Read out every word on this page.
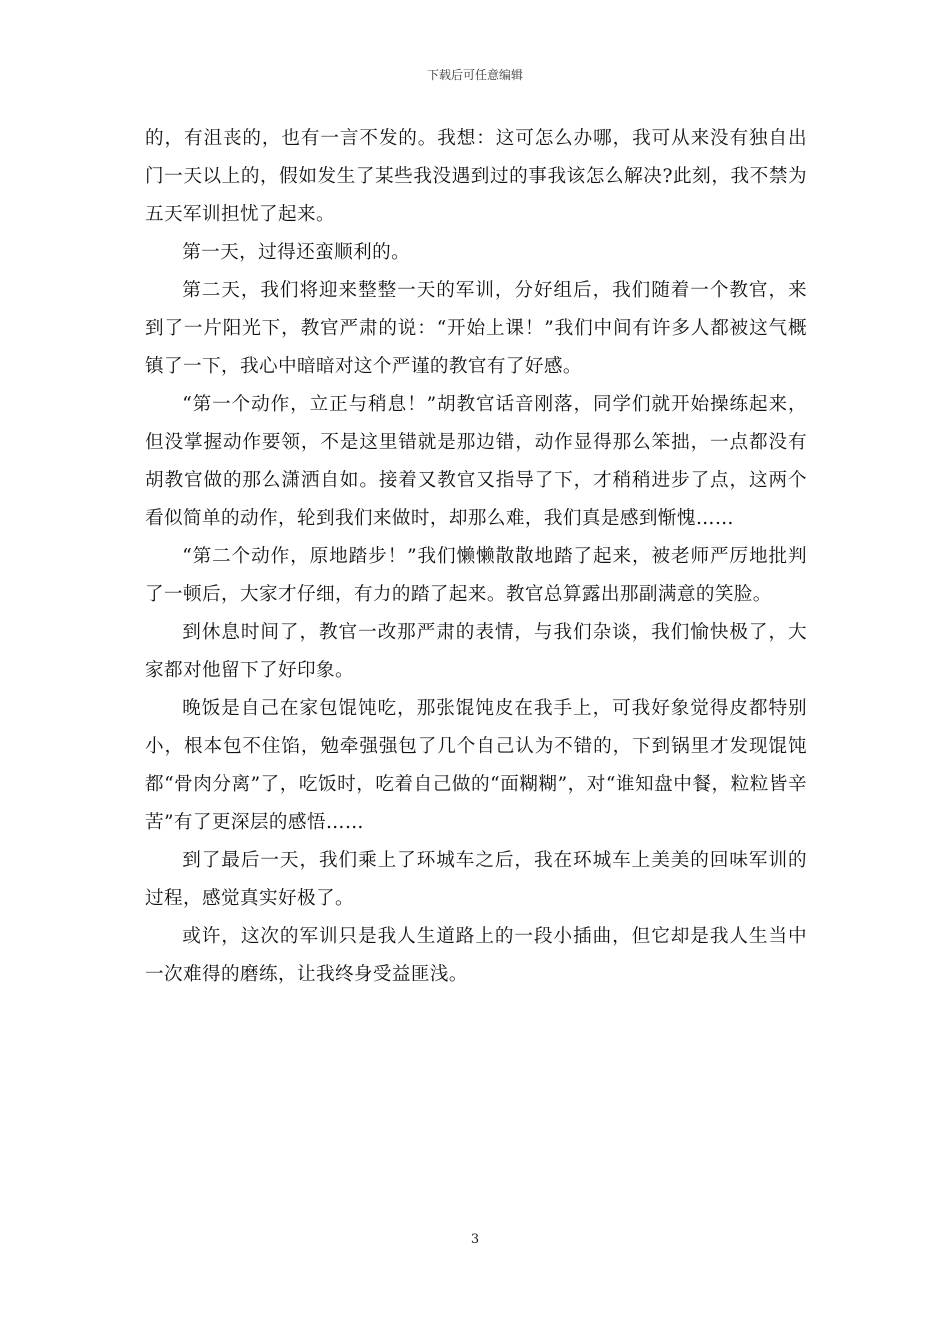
下载后可任意编辑

的，有沮丧的，也有一言不发的。我想：这可怎么办哪，我可从来没有独自出门一天以上的，假如发生了某些我没遇到过的事我该怎么解决?此刻，我不禁为五天军训担忧了起来。

第一天，过得还蛮顺利的。

第二天，我们将迎来整整一天的军训，分好组后，我们随着一个教官，来到了一片阳光下，教官严肃的说：“开始上课！”我们中间有许多人都被这气概镇了一下，我心中暗暗对这个严谨的教官有了好感。

“第一个动作，立正与稍息！”胡教官话音刚落，同学们就开始操练起来，但没掌握动作要领，不是这里错就是那边错，动作显得那么笨拙，一点都没有胡教官做的那么潇洒自如。接着又教官又指导了下，才稍稍进步了点，这两个看似简单的动作，轮到我们来做时，却那么难，我们真是感到惭愧……

“第二个动作，原地踏步！”我们懒懒散散地踏了起来，被老师严厉地批判了一顿后，大家才仔细，有力的踏了起来。教官总算露出那副满意的笑脸。

到休息时间了，教官一改那严肃的表情，与我们杂谈，我们愉快极了，大家都对他留下了好印象。

晚饭是自己在家包馄饨吃，那张馄饨皮在我手上，可我好象觉得皮都特别小，根本包不住馅，勉牵强强包了几个自己认为不错的，下到锅里才发现馄饨都“骨肉分离”了，吃饭时，吃着自己做的“面糊糊”，对“谁知盘中餐，粒粒皆辛苦”有了更深层的感悟……

到了最后一天，我们乘上了环城车之后，我在环城车上美美的回味军训的过程，感觉真实好极了。

或许，这次的军训只是我人生道路上的一段小插曲，但它却是我人生当中一次难得的磨练，让我终身受益匪浅。

3
